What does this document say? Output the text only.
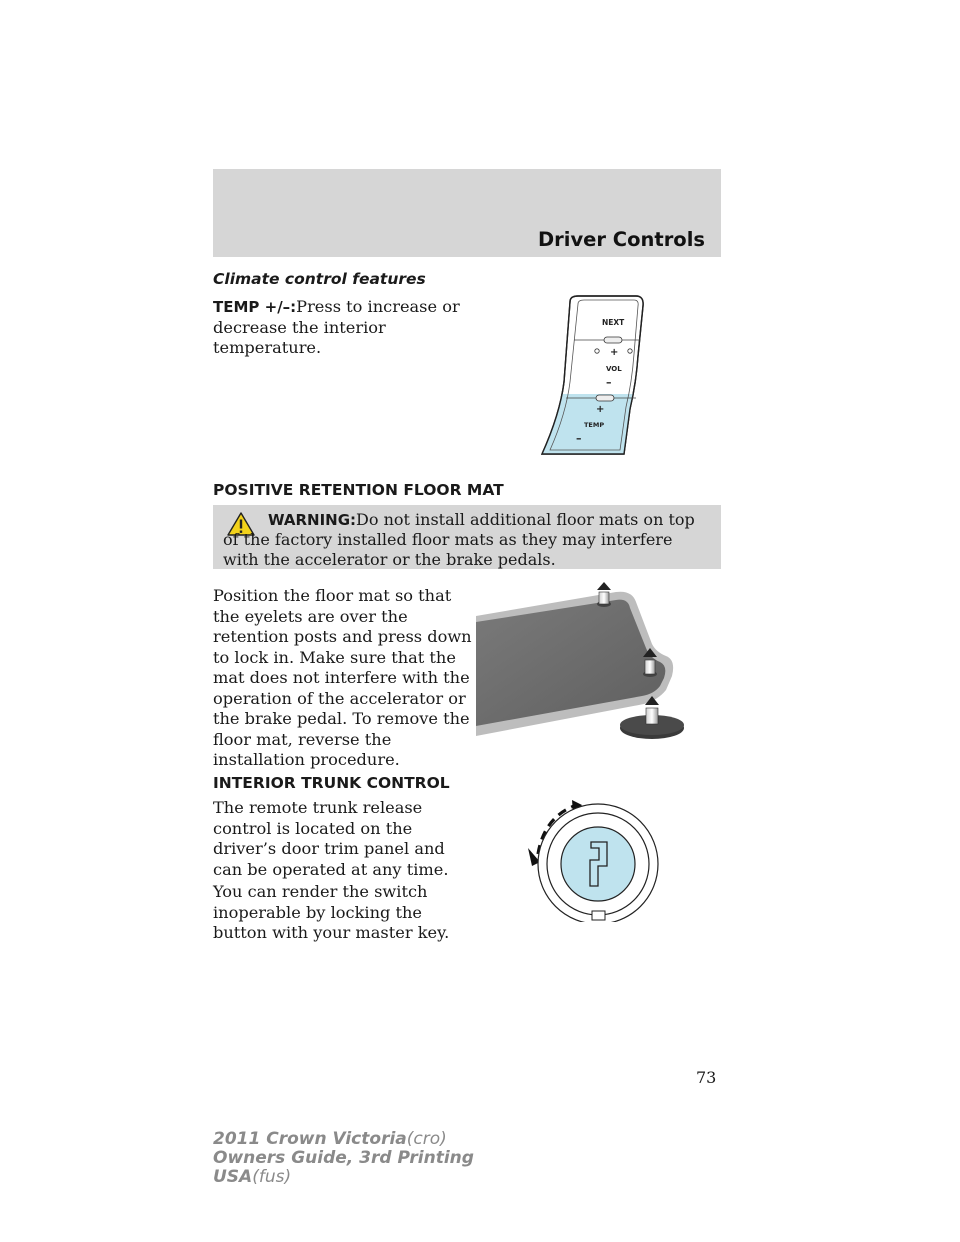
Driver Controls
Climate control features
TEMP +/–:Press to increase or decrease the interior temperature.
NEXT
+
VOL
–
+
TEMP
–
POSITIVE RETENTION FLOOR MAT
WARNING:Do not install additional floor mats on top of the factory installed floor mats as they may interfere with the accelerator or the brake pedals.
Position the floor mat so that the eyelets are over the retention posts and press down to lock in. Make sure that the mat does not interfere with the operation of the accelerator or the brake pedal. To remove the floor mat, reverse the installation procedure.
INTERIOR TRUNK CONTROL
The remote trunk release control is located on the driver’s door trim panel and can be operated at any time.
You can render the switch inoperable by locking the button with your master key.
73
2011 Crown Victoria(cro)
Owners Guide, 3rd Printing
USA(fus)
